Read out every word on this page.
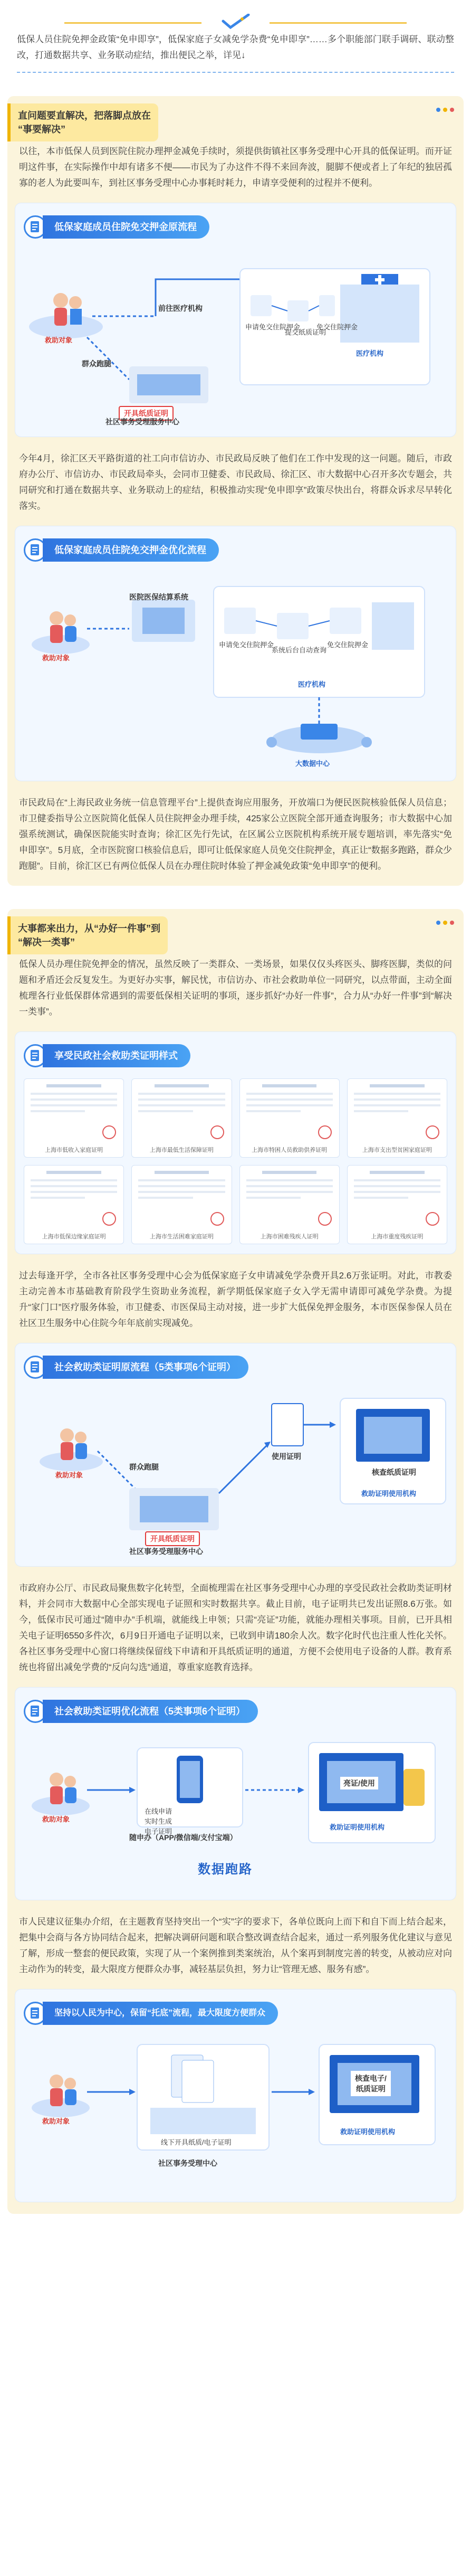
低保人员住院免押金政策“免申即享”，低保家庭子女减免学杂费“免申即享”……多个职能部门联手调研、联动整改，打通数据共享、业务联动症结，推出便民之举，详见↓

直问题要直解决，把落脚点放在
“事要解决”

以往，本市低保人员到医院住院办理押金减免手续时，须提供街镇社区事务受理中心开具的低保证明。而开证明这件事，在实际操作中却有诸多不便——市民为了办这件不得不来回奔波，腿脚不便或者上了年纪的独居孤寡的老人为此要叫车，到社区事务受理中心办事耗时耗力，申请享受便利的过程并不便利。

低保家庭成员住院免交押金原流程
救助对象
前往医疗机构
群众跑腿
开具纸质证明
社区事务受理服务中心
医疗机构
申请免交住院押金
提交纸质证明
免交住院押金

今年4月，徐汇区天平路街道的社工向市信访办、市民政局反映了他们在工作中发现的这一问题。随后，市政府办公厅、市信访办、市民政局牵头，会同市卫健委、市民政局、徐汇区、市大数据中心召开多次专题会，共同研究和打通在数据共享、业务联动上的症结，积极推动实现“免申即享”政策尽快出台，将群众诉求尽早转化落实。

低保家庭成员住院免交押金优化流程
救助对象
医院医保结算系统
申请免交住院押金
系统后台自动查询
免交住院押金
医疗机构
大数据中心

市民政局在“上海民政业务统一信息管理平台”上提供查询应用服务，开放端口为便民医院核验低保人员信息；市卫健委指导公立医院简化低保人员住院押金办理手续，425家公立医院全部开通查询服务；市大数据中心加强系统测试，确保医院能实时查询；徐汇区先行先试，在区属公立医院机构系统开展专题培训，率先落实“免申即享”。5月底，全市医院窗口核验信息后，即可让低保家庭人员免交住院押金，真正让“数据多跑路，群众少跑腿”。目前，徐汇区已有两位低保人员在办理住院时体验了押金减免政策“免申即享”的便利。

大事都来出力，从“办好一件事”到
“解决一类事”

低保人员办理住院免押金的情况，虽然反映了一类群众、一类场景，如果仅仅头疼医头、脚疼医脚，类似的问题和矛盾还会反复发生。为更好办实事，解民忧，市信访办、市社会救助单位一同研究，以点带面，主动全面梳理各行业低保群体常遇到的需要低保相关证明的事项，逐步抓好“办好一件事”，合力从“办好一件事”到“解决一类事”。

享受民政社会救助类证明样式
上海市低收入家庭证明	上海市最低生活保障证明	上海市特困人员救助供养证明	上海市支出型贫困家庭证明
上海市低保边缘家庭证明	上海市生活困难家庭证明	上海市困难残疾人证明	上海市重度残疾证明

过去每逢开学，全市各社区事务受理中心会为低保家庭子女申请减免学杂费开具2.6万张证明。对此，市教委主动完善本市基础教育阶段学生资助业务流程，新学期低保家庭子女入学无需申请即可减免学杂费。为提升“家门口”医疗服务体验，市卫健委、市医保局主动对接，进一步扩大低保免押金服务，本市医保参保人员在社区卫生服务中心住院今年年底前实现减免。

社会救助类证明原流程（5类事项6个证明）
救助对象
群众跑腿
开具纸质证明
社区事务受理服务中心
使用证明
核查纸质证明
救助证明使用机构

市政府办公厅、市民政局聚焦数字化转型，全面梳理需在社区事务受理中心办理的享受民政社会救助类证明材料，并会同市大数据中心全部实现电子证照和实时数据共享。截止目前，电子证明共已发出证照8.6万张。如今，低保市民可通过“随申办”手机端，就能线上申领；只需“亮证”功能，就能办理相关事项。目前，已开具相关电子证明6550多件次，6月9日开通电子证明以来，已收到申请180余人次。数字化时代也注重人性化关怀。各社区事务受理中心窗口将继续保留线下申请和开具纸质证明的通道，方便不会使用电子设备的人群。教育系统也将留出减免学费的“反向勾选”通道，尊重家庭教育选择。

社会救助类证明优化流程（5类事项6个证明）
救助对象
在线申请
实时生成电子证明
随申办（APP/微信端/支付宝端）
亮证/使用
救助证明使用机构
数据跑路

市人民建议征集办介绍，在主题教育坚持突出一个“实”字的要求下，各单位既向上而下和自下而上结合起来，把集中会商与各方协同结合起来，把解决调研问题和联合整改调查结合起来，通过一系列服务优化建议与意见了解，形成一整套的便民政策，实现了从一个案例推到类案统治，从个案再到制度完善的转变，从被动应对向主动作为的转变，最大限度方便群众办事，减轻基层负担，努力让“管理无感、服务有感”。

坚持以人民为中心，保留“托底”流程，最大限度方便群众
救助对象
线下开具纸质/电子证明
社区事务受理中心
核查电子/
纸质证明
救助证明使用机构
